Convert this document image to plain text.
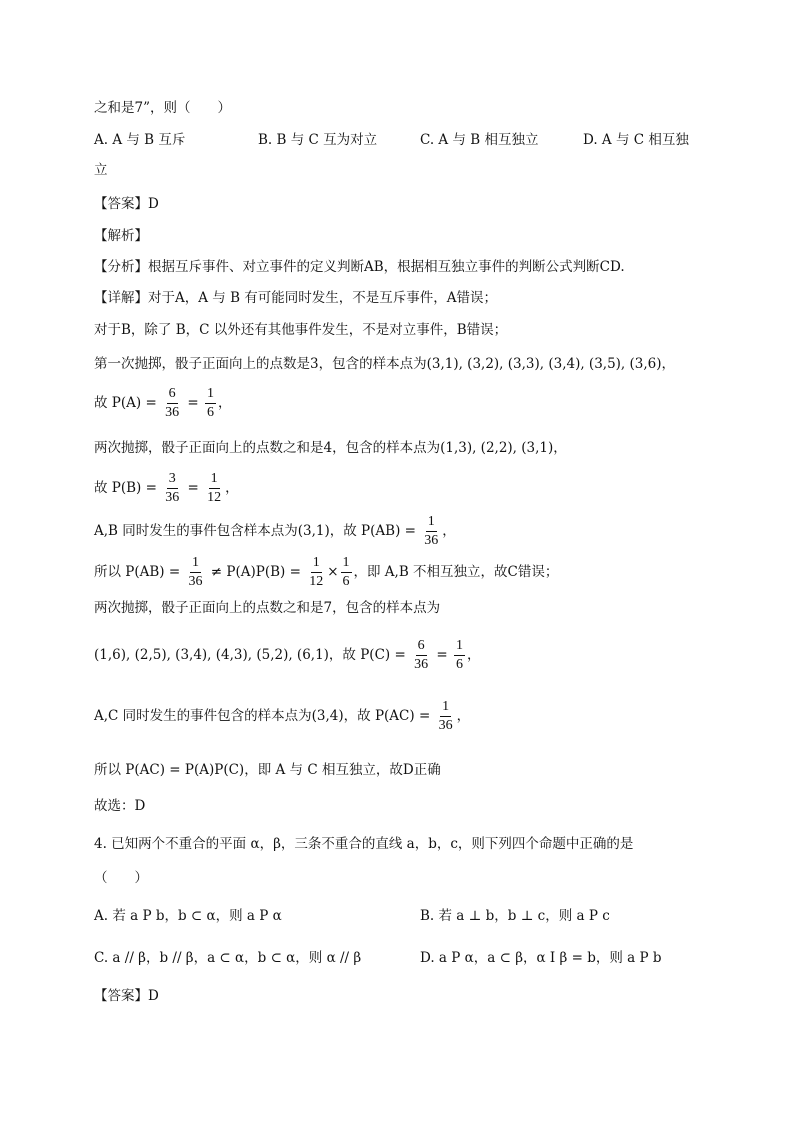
之和是7”，则（　　）
A. A 与 B 互斥	B. B 与 C 互为对立	C. A 与 B 相互独立	D. A 与 C 相互独
立
【答案】D
【解析】
【分析】根据互斥事件、对立事件的定义判断AB，根据相互独立事件的判断公式判断CD.
【详解】对于A，A 与 B 有可能同时发生，不是互斥事件，A错误；
对于B，除了 B，C 以外还有其他事件发生，不是对立事件，B错误；
第一次抛掷，骰子正面向上的点数是3，包含的样本点为(3,1), (3,2), (3,3), (3,4), (3,5), (3,6)，
故 $P(A) = \frac{6}{36} = \frac{1}{6}$ ，
两次抛掷，骰子正面向上的点数之和是4，包含的样本点为(1,3), (2,2), (3,1)，
故 $P(B) = \frac{3}{36} = \frac{1}{12}$ ，
A,B 同时发生的事件包含样本点为(3,1)，故 $P(AB) = \frac{1}{36}$ ，
所以 $P(AB) = \frac{1}{36} \ne P(A)P(B) = \frac{1}{12} \times \frac{1}{6}$ ，即 A,B 不相互独立，故C错误；
两次抛掷，骰子正面向上的点数之和是7，包含的样本点为
(1,6), (2,5), (3,4), (4,3), (5,2), (6,1)，故 $P(C) = \frac{6}{36} = \frac{1}{6}$ ，
A,C 同时发生的事件包含的样本点为(3,4)，故 $P(AC) = \frac{1}{36}$ ，
所以 P(AC) = P(A)P(C)，即 A 与 C 相互独立，故D正确
故选：D
4. 已知两个不重合的平面 α，β，三条不重合的直线 a，b，c，则下列四个命题中正确的是
（　　）
A. 若 a P b，b ⊂ α，则 a P α	B. 若 a ⊥ b，b ⊥ c，则 a P c
C. a // β，b // β，a ⊂ α，b ⊂ α，则 α // β	D. a P α，a ⊂ β，α I β = b，则 a P b
【答案】D
